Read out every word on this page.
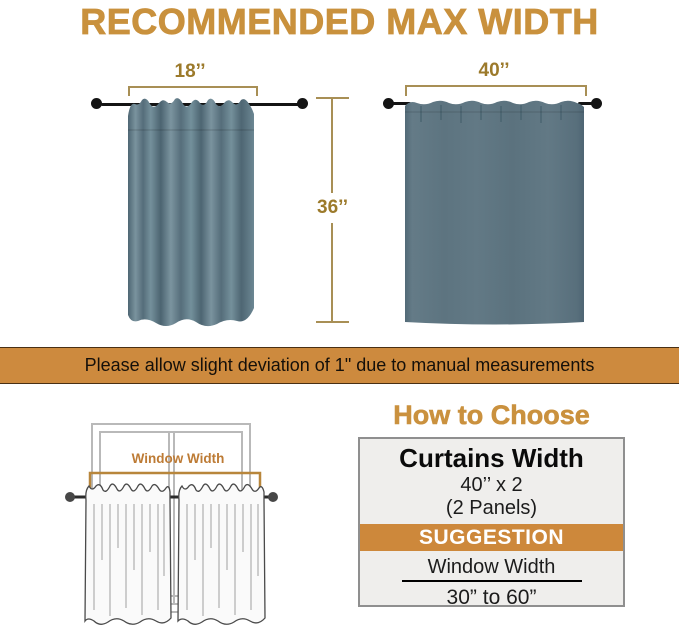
RECOMMENDED MAX WIDTH
18’’
36’’
40’’
Please allow slight deviation of 1" due to manual measurements
Window Width
How to Choose
Curtains Width
40’’ x 2
(2 Panels)
SUGGESTION
Window Width
30” to 60”
